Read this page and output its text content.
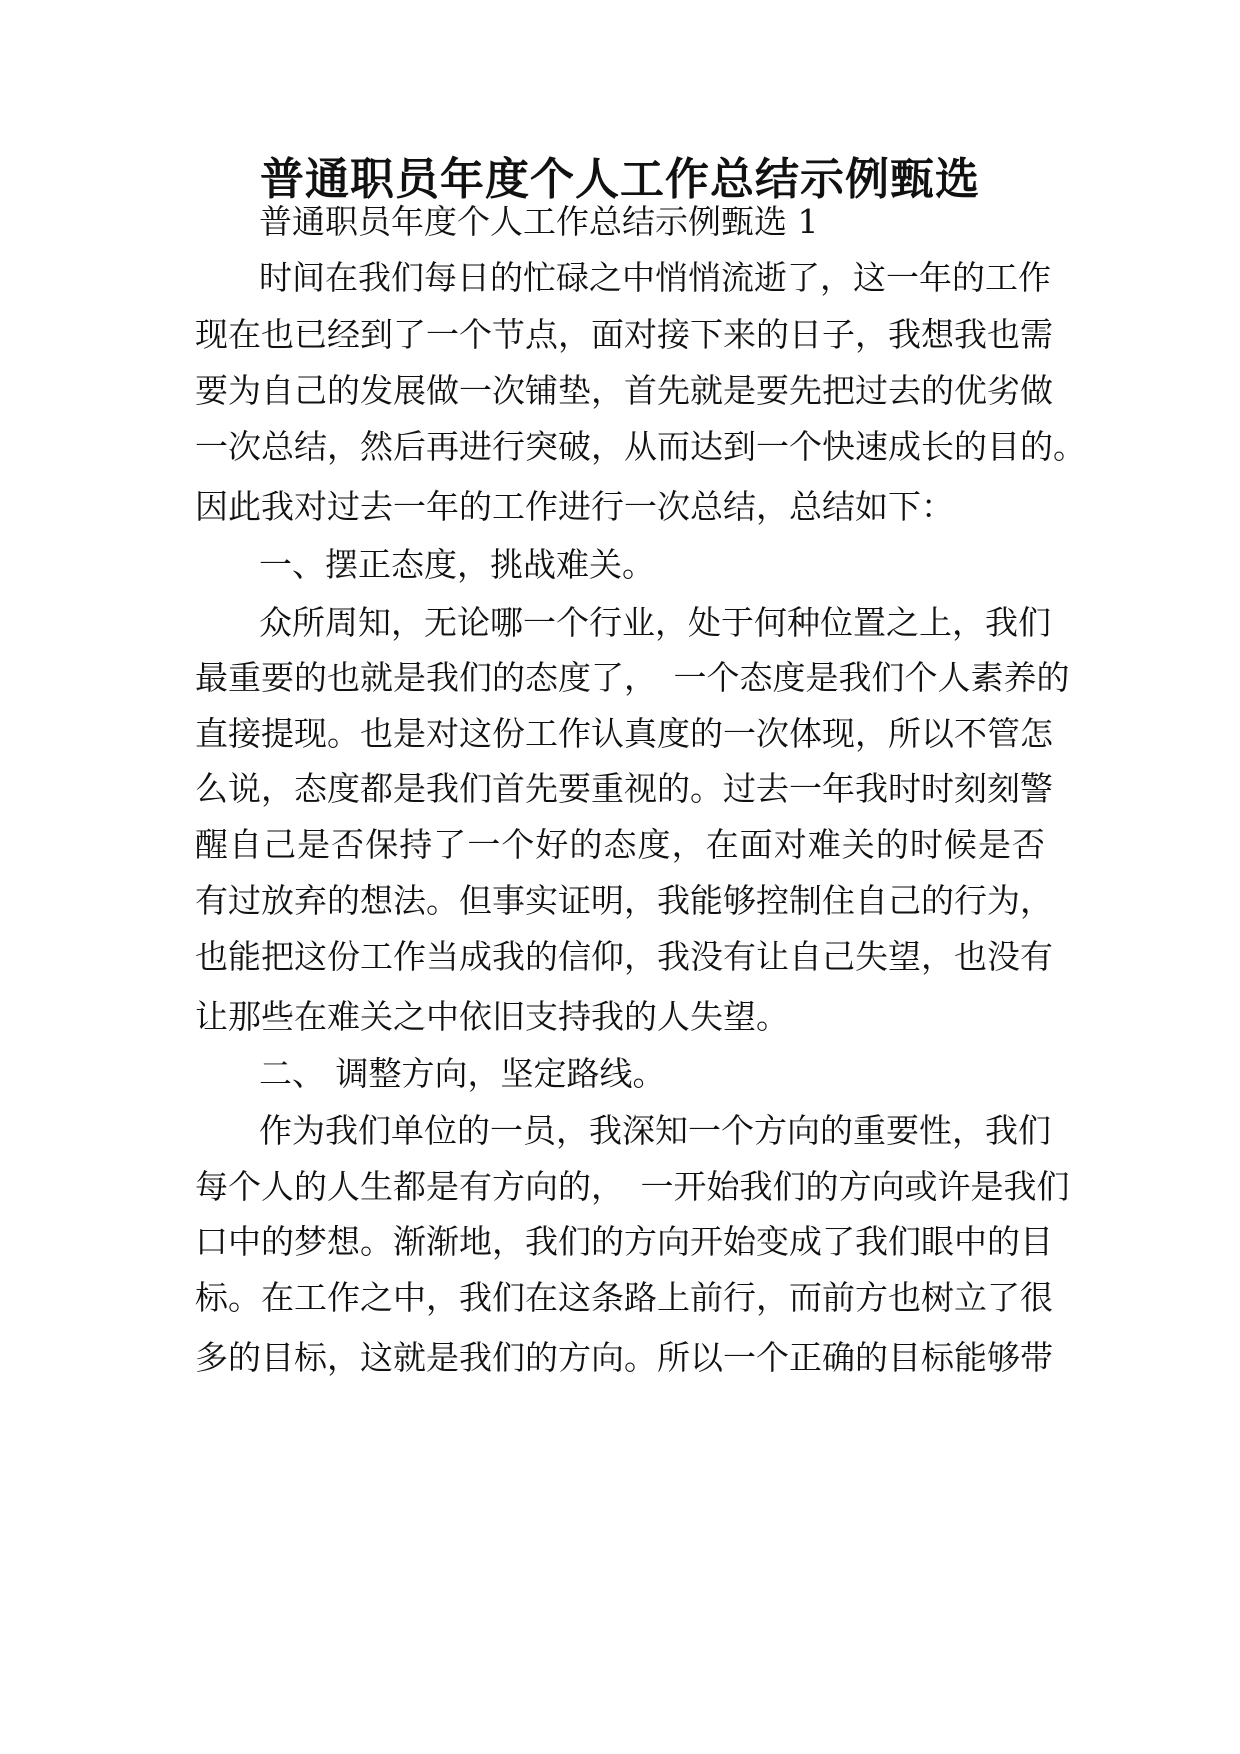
普通职员年度个人工作总结示例甄选
普通职员年度个人工作总结示例甄选 1
时间在我们每日的忙碌之中悄悄流逝了，这一年的工作
现在也已经到了一个节点，面对接下来的日子，我想我也需
要为自己的发展做一次铺垫，首先就是要先把过去的优劣做
一次总结，然后再进行突破，从而达到一个快速成长的目的。
因此我对过去一年的工作进行一次总结，总结如下：
一、摆正态度，挑战难关。
众所周知，无论哪一个行业，处于何种位置之上，我们
最重要的也就是我们的态度了，　一个态度是我们个人素养的
直接提现。也是对这份工作认真度的一次体现，所以不管怎
么说，态度都是我们首先要重视的。过去一年我时时刻刻警
醒自己是否保持了一个好的态度，在面对难关的时候是否
有过放弃的想法。但事实证明，我能够控制住自己的行为，
也能把这份工作当成我的信仰，我没有让自己失望，也没有
让那些在难关之中依旧支持我的人失望。
二、 调整方向，坚定路线。
作为我们单位的一员，我深知一个方向的重要性，我们
每个人的人生都是有方向的，　一开始我们的方向或许是我们
口中的梦想。渐渐地，我们的方向开始变成了我们眼中的目
标。在工作之中，我们在这条路上前行，而前方也树立了很
多的目标，这就是我们的方向。所以一个正确的目标能够带
